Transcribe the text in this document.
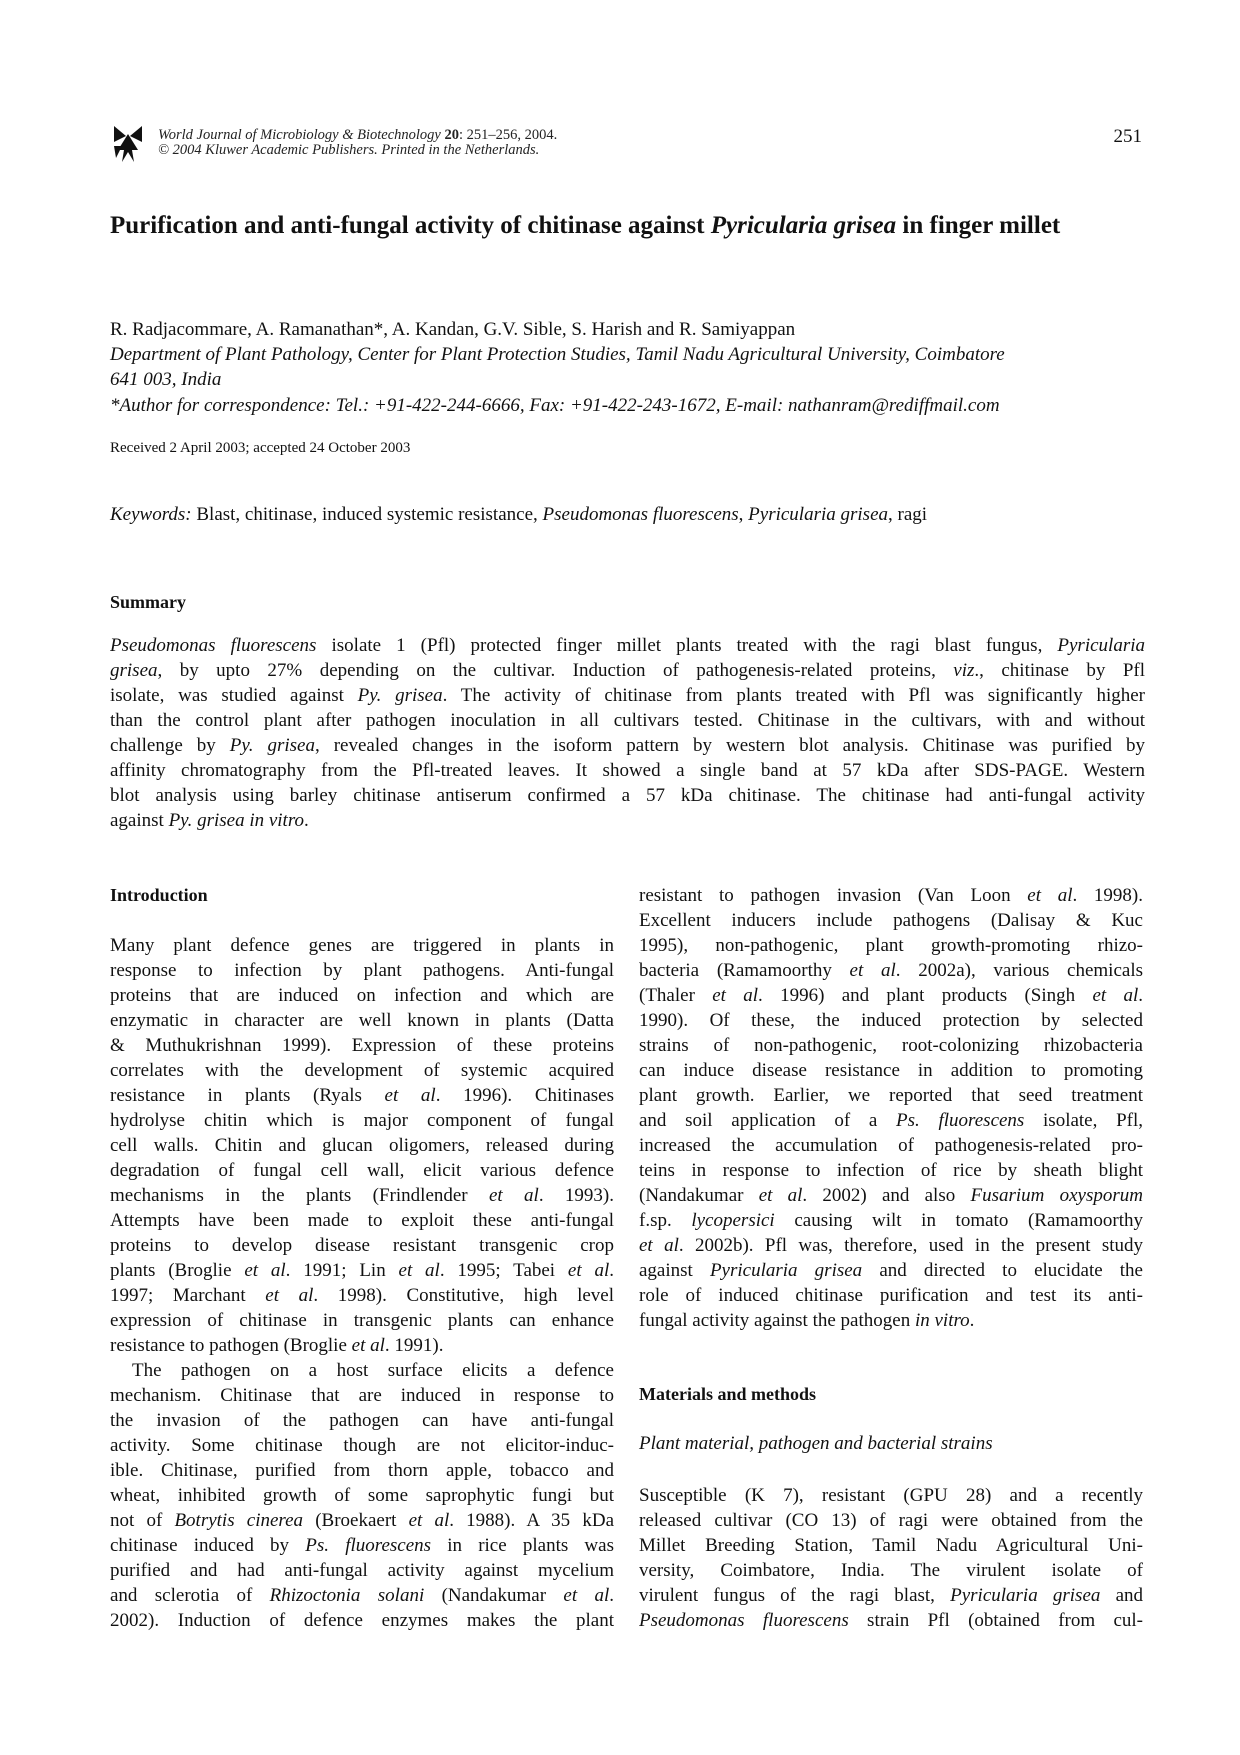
World Journal of Microbiology & Biotechnology 20: 251–256, 2004.
© 2004 Kluwer Academic Publishers. Printed in the Netherlands.
251
Purification and anti-fungal activity of chitinase against Pyricularia grisea in finger millet
R. Radjacommare, A. Ramanathan*, A. Kandan, G.V. Sible, S. Harish and R. Samiyappan
Department of Plant Pathology, Center for Plant Protection Studies, Tamil Nadu Agricultural University, Coimbatore
641 003, India
*Author for correspondence: Tel.: +91-422-244-6666, Fax: +91-422-243-1672, E-mail: nathanram@rediffmail.com
Received 2 April 2003; accepted 24 October 2003
Keywords: Blast, chitinase, induced systemic resistance, Pseudomonas fluorescens, Pyricularia grisea, ragi
Summary
Introduction
Materials and methods
Plant material, pathogen and bacterial strains
Pseudomonas fluorescens isolate 1 (Pfl) protected finger millet plants treated with the ragi blast fungus, Pyricularia
grisea, by upto 27% depending on the cultivar. Induction of pathogenesis-related proteins, viz., chitinase by Pfl
isolate, was studied against Py. grisea. The activity of chitinase from plants treated with Pfl was significantly higher
than the control plant after pathogen inoculation in all cultivars tested. Chitinase in the cultivars, with and without
challenge by Py. grisea, revealed changes in the isoform pattern by western blot analysis. Chitinase was purified by
affinity chromatography from the Pfl-treated leaves. It showed a single band at 57 kDa after SDS-PAGE. Western
blot analysis using barley chitinase antiserum confirmed a 57 kDa chitinase. The chitinase had anti-fungal activity
against Py. grisea in vitro.
Many plant defence genes are triggered in plants in
response to infection by plant pathogens. Anti-fungal
proteins that are induced on infection and which are
enzymatic in character are well known in plants (Datta
& Muthukrishnan 1999). Expression of these proteins
correlates with the development of systemic acquired
resistance in plants (Ryals et al. 1996). Chitinases
hydrolyse chitin which is major component of fungal
cell walls. Chitin and glucan oligomers, released during
degradation of fungal cell wall, elicit various defence
mechanisms in the plants (Frindlender et al. 1993).
Attempts have been made to exploit these anti-fungal
proteins to develop disease resistant transgenic crop
plants (Broglie et al. 1991; Lin et al. 1995; Tabei et al.
1997; Marchant et al. 1998). Constitutive, high level
expression of chitinase in transgenic plants can enhance
resistance to pathogen (Broglie et al. 1991).
The pathogen on a host surface elicits a defence
mechanism. Chitinase that are induced in response to
the invasion of the pathogen can have anti-fungal
activity. Some chitinase though are not elicitor-induc-
ible. Chitinase, purified from thorn apple, tobacco and
wheat, inhibited growth of some saprophytic fungi but
not of Botrytis cinerea (Broekaert et al. 1988). A 35 kDa
chitinase induced by Ps. fluorescens in rice plants was
purified and had anti-fungal activity against mycelium
and sclerotia of Rhizoctonia solani (Nandakumar et al.
2002). Induction of defence enzymes makes the plant
resistant to pathogen invasion (Van Loon et al. 1998).
Excellent inducers include pathogens (Dalisay & Kuc
1995), non-pathogenic, plant growth-promoting rhizo-
bacteria (Ramamoorthy et al. 2002a), various chemicals
(Thaler et al. 1996) and plant products (Singh et al.
1990). Of these, the induced protection by selected
strains of non-pathogenic, root-colonizing rhizobacteria
can induce disease resistance in addition to promoting
plant growth. Earlier, we reported that seed treatment
and soil application of a Ps. fluorescens isolate, Pfl,
increased the accumulation of pathogenesis-related pro-
teins in response to infection of rice by sheath blight
(Nandakumar et al. 2002) and also Fusarium oxysporum
f.sp. lycopersici causing wilt in tomato (Ramamoorthy
et al. 2002b). Pfl was, therefore, used in the present study
against Pyricularia grisea and directed to elucidate the
role of induced chitinase purification and test its anti-
fungal activity against the pathogen in vitro.
Susceptible (K 7), resistant (GPU 28) and a recently
released cultivar (CO 13) of ragi were obtained from the
Millet Breeding Station, Tamil Nadu Agricultural Uni-
versity, Coimbatore, India. The virulent isolate of
virulent fungus of the ragi blast, Pyricularia grisea and
Pseudomonas fluorescens strain Pfl (obtained from cul-
